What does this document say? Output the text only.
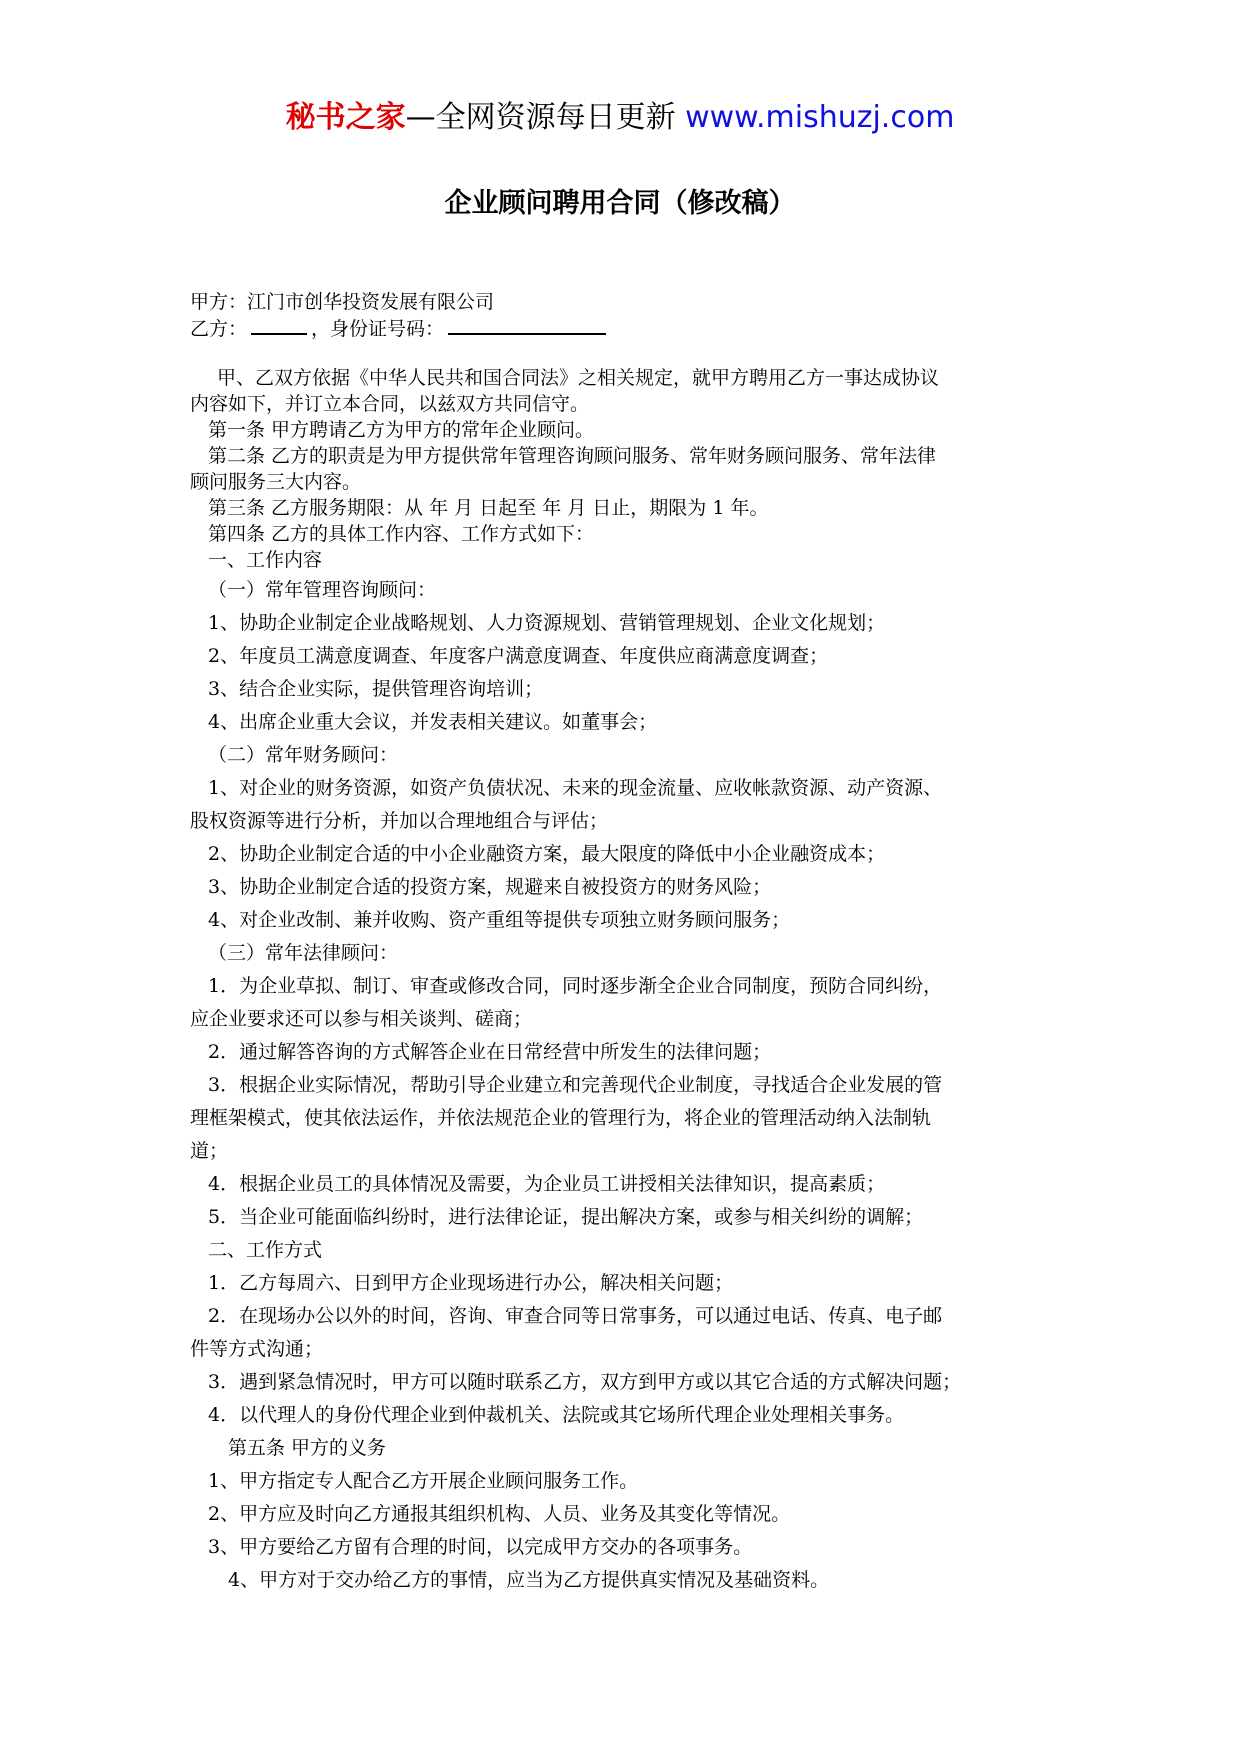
秘书之家—全网资源每日更新 www.mishuzj.com
企业顾问聘用合同（修改稿）
甲方：江门市创华投资发展有限公司
乙方：	，身份证号码：
甲、乙双方依据《中华人民共和国合同法》之相关规定，就甲方聘用乙方一事达成协议
内容如下，并订立本合同，以兹双方共同信守。
第一条 甲方聘请乙方为甲方的常年企业顾问。
第二条 乙方的职责是为甲方提供常年管理咨询顾问服务、常年财务顾问服务、常年法律
顾问服务三大内容。
第三条 乙方服务期限：从 年 月 日起至 年 月 日止，期限为 1 年。
第四条 乙方的具体工作内容、工作方式如下：
一、工作内容
（一）常年管理咨询顾问：
1、协助企业制定企业战略规划、人力资源规划、营销管理规划、企业文化规划；
2、年度员工满意度调查、年度客户满意度调查、年度供应商满意度调查；
3、结合企业实际，提供管理咨询培训；
4、出席企业重大会议，并发表相关建议。如董事会；
（二）常年财务顾问：
1、对企业的财务资源，如资产负债状况、未来的现金流量、应收帐款资源、动产资源、
股权资源等进行分析，并加以合理地组合与评估；
2、协助企业制定合适的中小企业融资方案，最大限度的降低中小企业融资成本；
3、协助企业制定合适的投资方案，规避来自被投资方的财务风险；
4、对企业改制、兼并收购、资产重组等提供专项独立财务顾问服务；
（三）常年法律顾问：
1．为企业草拟、制订、审查或修改合同，同时逐步渐全企业合同制度，预防合同纠纷，
应企业要求还可以参与相关谈判、磋商；
2．通过解答咨询的方式解答企业在日常经营中所发生的法律问题；
3．根据企业实际情况，帮助引导企业建立和完善现代企业制度，寻找适合企业发展的管
理框架模式，使其依法运作，并依法规范企业的管理行为，将企业的管理活动纳入法制轨
道；
4．根据企业员工的具体情况及需要，为企业员工讲授相关法律知识，提高素质；
5．当企业可能面临纠纷时，进行法律论证，提出解决方案，或参与相关纠纷的调解；
二、工作方式
1．乙方每周六、日到甲方企业现场进行办公，解决相关问题；
2．在现场办公以外的时间，咨询、审查合同等日常事务，可以通过电话、传真、电子邮
件等方式沟通；
3．遇到紧急情况时，甲方可以随时联系乙方，双方到甲方或以其它合适的方式解决问题；
4．以代理人的身份代理企业到仲裁机关、法院或其它场所代理企业处理相关事务。
第五条 甲方的义务
1、甲方指定专人配合乙方开展企业顾问服务工作。
2、甲方应及时向乙方通报其组织机构、人员、业务及其变化等情况。
3、甲方要给乙方留有合理的时间，以完成甲方交办的各项事务。
4、甲方对于交办给乙方的事情，应当为乙方提供真实情况及基础资料。
